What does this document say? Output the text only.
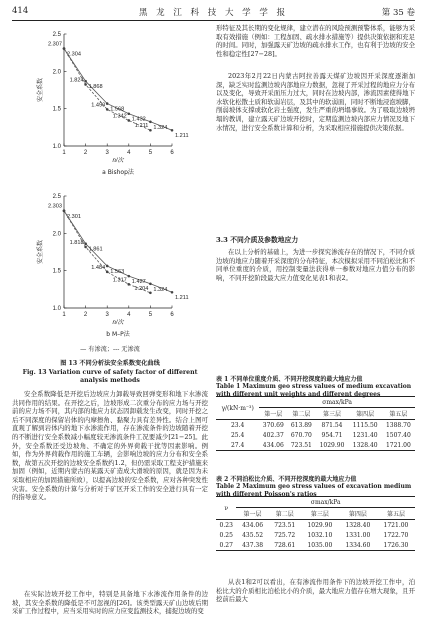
414	黑 龙 江 科 技 大 学 学 报	第 35 卷
1.0
1.5
2.0
2.5
1	2	3	4	5	6
n/次
安全系数
a Bishop法
2.304
1.868
1.568
1.432
1.324
1.211
2.307
1.824
1.490
1.342
1.211
1.0
1.5
2.0
2.5
1	2	3	4	5	6
n/次
安全系数
b M–P法
2.301
1.861
1.563
1.427
1.324
1.211
2.303
1.818
1.484
1.317
1.204
— 有渗流；--- 无渗流
图 13 不同分析法安全系数变化曲线
Fig. 13 Variation curve of safety factor of different analysis methods

安全系数降低是开挖后边坡应力卸载导致回弹变形和地下水渗流共同作用的结果。在开挖之后，边坡形成二次重分布的应力场与开挖前的应力场不同，其内部的地应力状态因卸载发生改变，同时开挖之后不同深度的保留岩体的内摩擦角、黏聚力具有差异性。结合上图可直观了解到岩体内的地下水渗流作用，存在渗流条件的边坡随着开挖的不断进行安全系数减小幅度较无渗流条件工况要减少[21−25]。此外，安全系数还受边坡角、不确定的外界荷载干扰等因素影响。例如，作为外界荷载作用的施工车辆，会影响边坡的应力分布和安全系数，故第五次开挖的边坡安全系数约1.2，但仍需采取工程支护措施来加固（例如，近期内蒙古的某露天矿造成大滑坡的原因，就是因为未采取相应的加固措施所致），以提高边坡的安全系数，应对各种突发性灾害。安全系数的计算与分析对于矿区开采工作的安全进行具有一定的指导意义。

在实际边坡开挖工作中，特别是具备地下水渗流作用条件的边坡，其安全系数的降低是不可忽视的[26]。该类型露天矿山边坡后期采矿工作过程中，应当采用实时的应力应变监测技术，捕捉边坡的变

形特征及其长期的变化规律，建立潜在的风险预测预警体系，能够为采取有效措施（例如：工程加固、疏水排水措施等）提供决策依据和充足的时间。同时，加强露天矿边坡的疏水排水工作，也有利于边坡的安全性和稳定性[27−28]。

2023年2月22日内蒙古阿拉善露天煤矿边坡因开采深度逐渐加深，缺乏实时监测边坡内部地应力数据，忽视了开采过程的地应力分布以及变化，导致开采面压力过大，同时在边坡内部，渗流因素使得地下水软化松散土质和软弱岩层，及其中的软弱面，同时不断地浸泡坡脚，削弱坡体支撑或软化岩土强度，发生严重的坍塌事故。为了吸取边坡坍塌的教训，建立露天矿边坡开挖时，定期监测边坡内部应力情况及地下水情况，进行安全系数计算和分析，为采取相应措施提供决策依据。

3.3 不同介质及参数地应力

在以上分析的基础上，为进一步探究渗流存在的情况下，不同介质边坡的地应力随着开采深度的分布特征，本次模拟采用不同泊松比和不同单位重度的介质，用控制变量法获得单一参数对地应力值分布的影响，不同开挖阶段最大应力值变化见表1和表2。

表 1 不同单位重度介质、不同开挖深度的最大地应力值
Table 1 Maximum geo stress values of medium excavation with different unit weights and different degrees
γ/(kN·m⁻³)	σmax/kPa				
	第一层	第二层	第三层	第四层	第五层
23.4	370.69	613.89	871.54	1115.50	1388.70
25.4	402.37	670.70	954.71	1231.40	1507.40
27.4	434.06	723.51	1029.90	1328.40	1721.00
表 2 不同泊松比介质、不同开挖深度的最大地应力值
Table 2 Maximum geo stress values of excavation medium with different Poisson's ratios
ν	σmax/kPa				
	第一层	第二层	第三层	第四层	第五层
0.23	434.06	723.51	1029.90	1328.40	1721.00
0.25	435.52	725.72	1032.10	1331.00	1722.70
0.27	437.38	728.61	1035.00	1334.60	1726.30

从表1和2可以看出，在有渗流作用条件下的边坡开挖工作中，泊松比大的介质相比泊松比小的介质，最大地应力值存在增大现象，且开挖前后最大
